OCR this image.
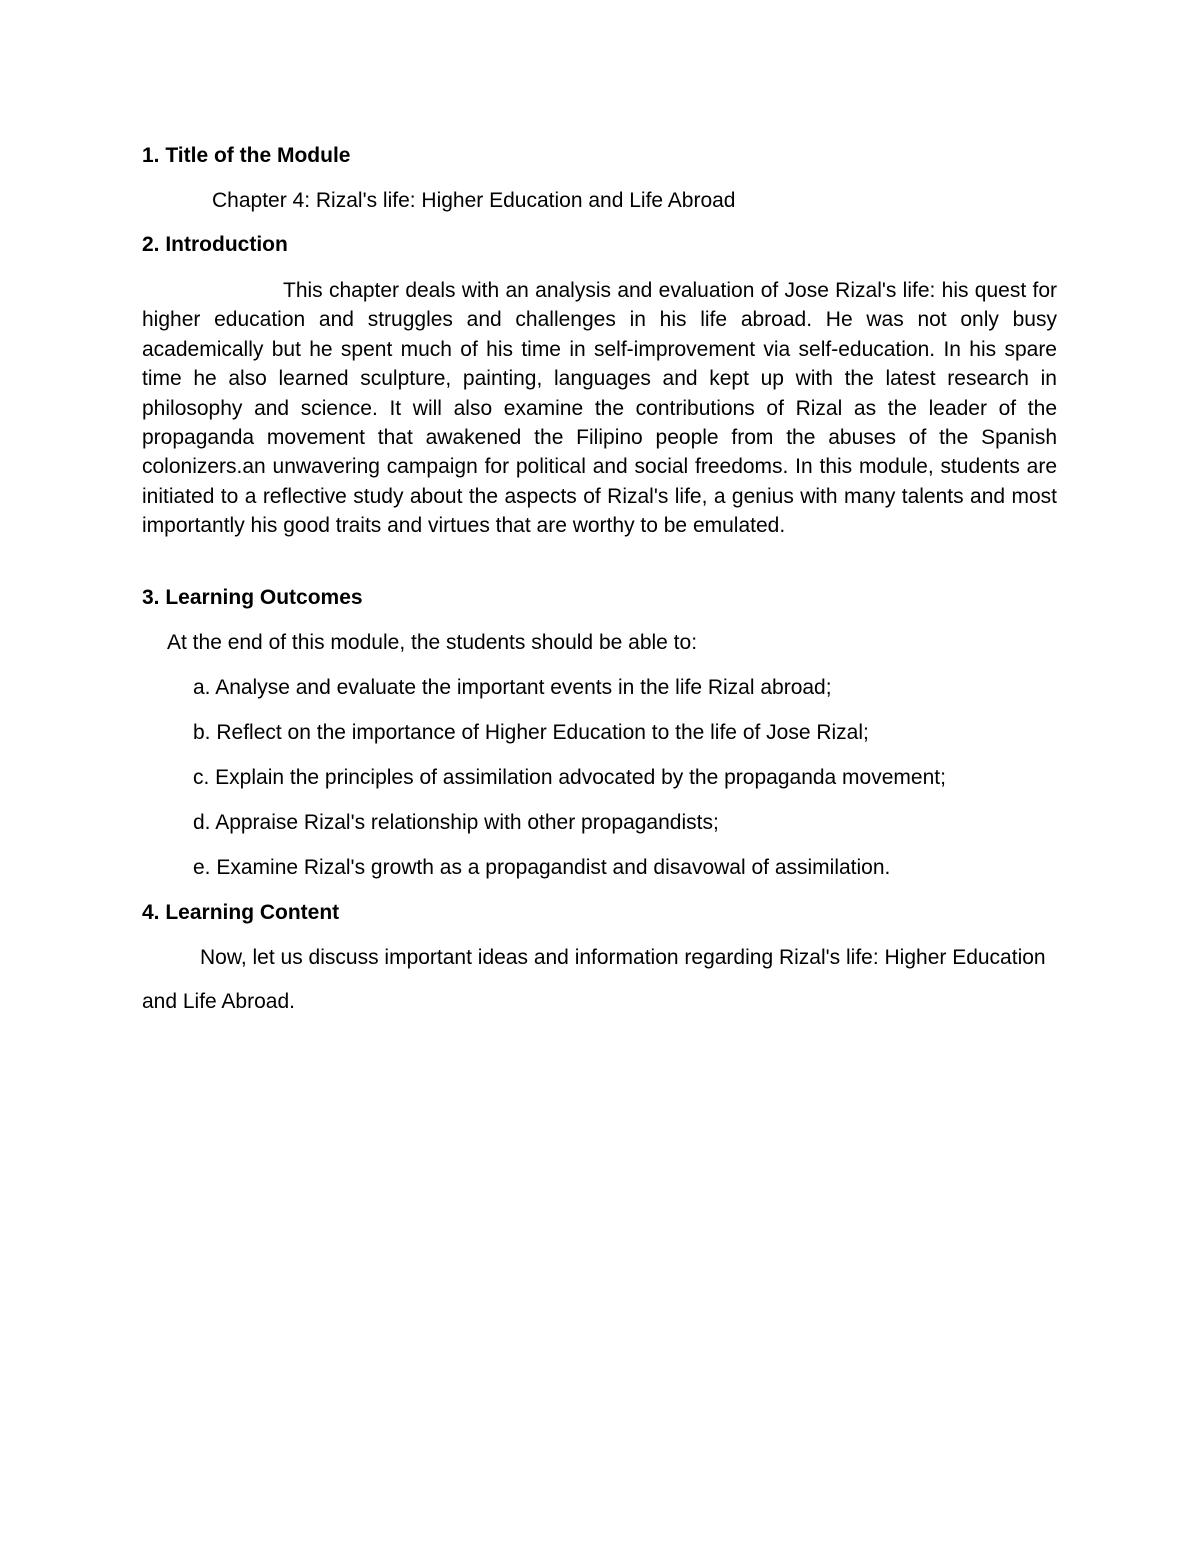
1. Title of the Module
Chapter 4: Rizal's life: Higher Education and Life Abroad
2. Introduction
This chapter deals with an analysis and evaluation of Jose Rizal's life: his quest for higher education and struggles and challenges in his life abroad. He was not only busy academically but he spent much of his time in self-improvement via self-education. In his spare time he also learned sculpture, painting, languages and kept up with the latest research in philosophy and science. It will also examine the contributions of Rizal as the leader of the propaganda movement that awakened the Filipino people from the abuses of the Spanish colonizers.an unwavering campaign for political and social freedoms. In this module, students are initiated to a reflective study about the aspects of Rizal's life, a genius with many talents and most importantly his good traits and virtues that are worthy to be emulated.
3. Learning Outcomes
At the end of this module, the students should be able to:
a. Analyse and evaluate the important events in the life Rizal abroad;
b. Reflect on the importance of Higher Education to the life of Jose Rizal;
c. Explain the principles of assimilation advocated by the propaganda movement;
d. Appraise Rizal's relationship with other propagandists;
e. Examine Rizal's growth as a propagandist and disavowal of assimilation.
4. Learning Content
Now, let us discuss important ideas and information regarding Rizal's life: Higher Education and Life Abroad.
